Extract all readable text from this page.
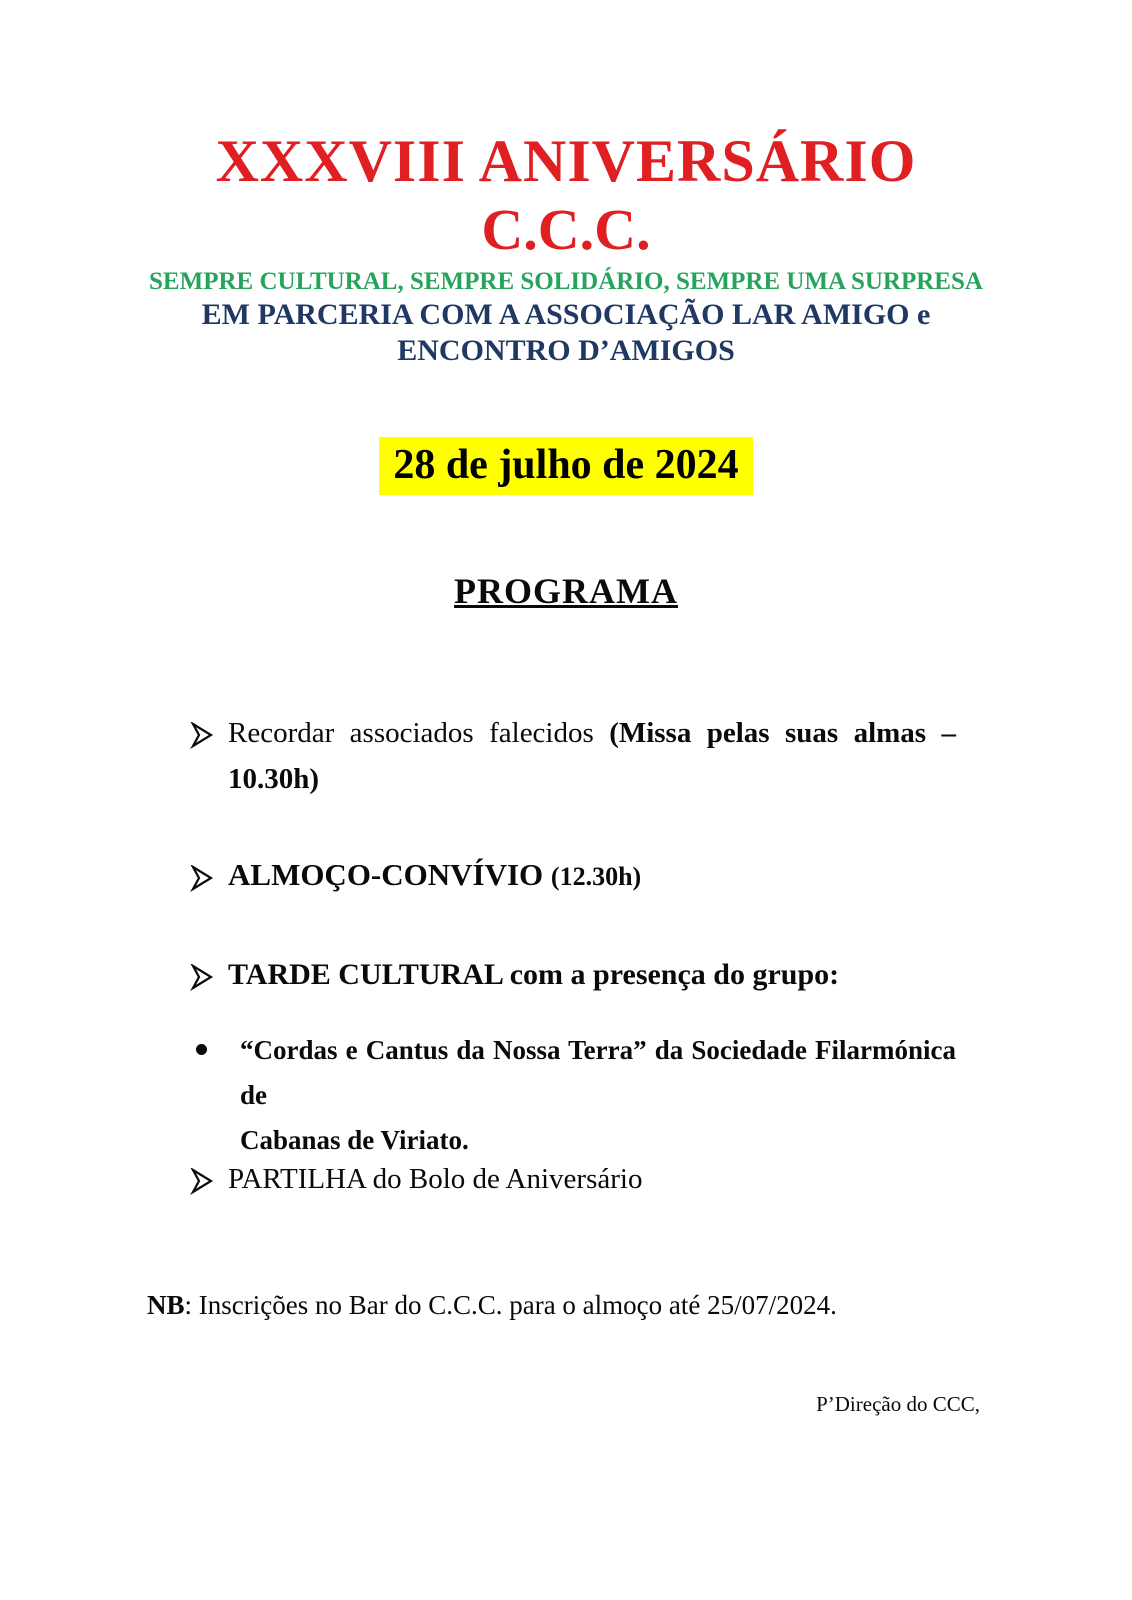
XXXVIII ANIVERSÁRIO
C.C.C.
SEMPRE CULTURAL, SEMPRE SOLIDÁRIO, SEMPRE UMA SURPRESA
EM PARCERIA COM A ASSOCIAÇÃO LAR AMIGO e
ENCONTRO D’AMIGOS
28 de julho de 2024
PROGRAMA
Recordar associados falecidos (Missa pelas suas almas –
10.30h)
ALMOÇO-CONVÍVIO (12.30h)
TARDE CULTURAL com a presença do grupo:
“Cordas e Cantus da Nossa Terra” da Sociedade Filarmónica de
Cabanas de Viriato.
PARTILHA do Bolo de Aniversário
NB: Inscrições no Bar do C.C.C. para o almoço até 25/07/2024.
P’Direção do CCC,
